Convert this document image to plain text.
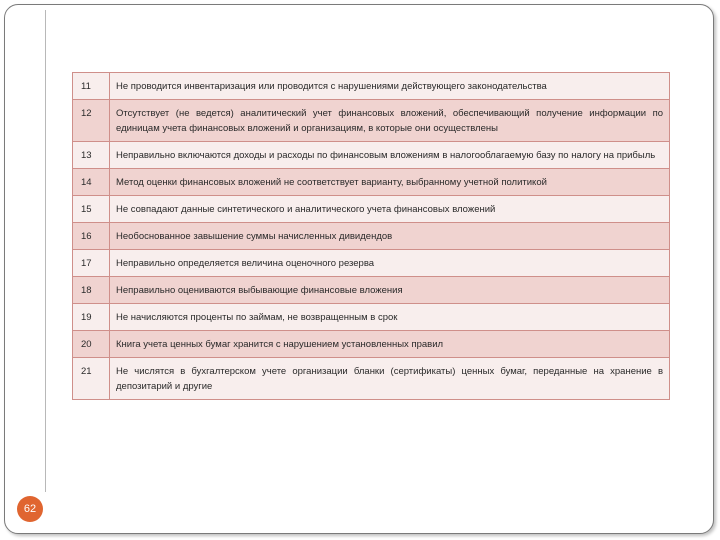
11	Не проводится инвентаризация или проводится с нарушениями действующего законодательства
12	Отсутствует (не ведется) аналитический учет финансовых вложений, обеспечивающий получение информации по единицам учета финансовых вложений и организациям, в которые они осуществлены
13	Неправильно включаются доходы и расходы по финансовым вложениям в налогооблагаемую базу по налогу на прибыль
14	Метод оценки финансовых вложений не соответствует варианту, выбранному учетной политикой
15	Не совпадают данные синтетического и аналитического учета финансовых вложений
16	Необоснованное завышение суммы начисленных дивидендов
17	Неправильно определяется величина оценочного резерва
18	Неправильно оцениваются выбывающие финансовые вложения
19	Не начисляются проценты по займам, не возвращенным в срок
20	Книга учета ценных бумаг хранится с нарушением установленных правил
21	Не числятся в бухгалтерском учете организации бланки (сертификаты) ценных бумаг, переданные на хранение в депозитарий и другие
62
